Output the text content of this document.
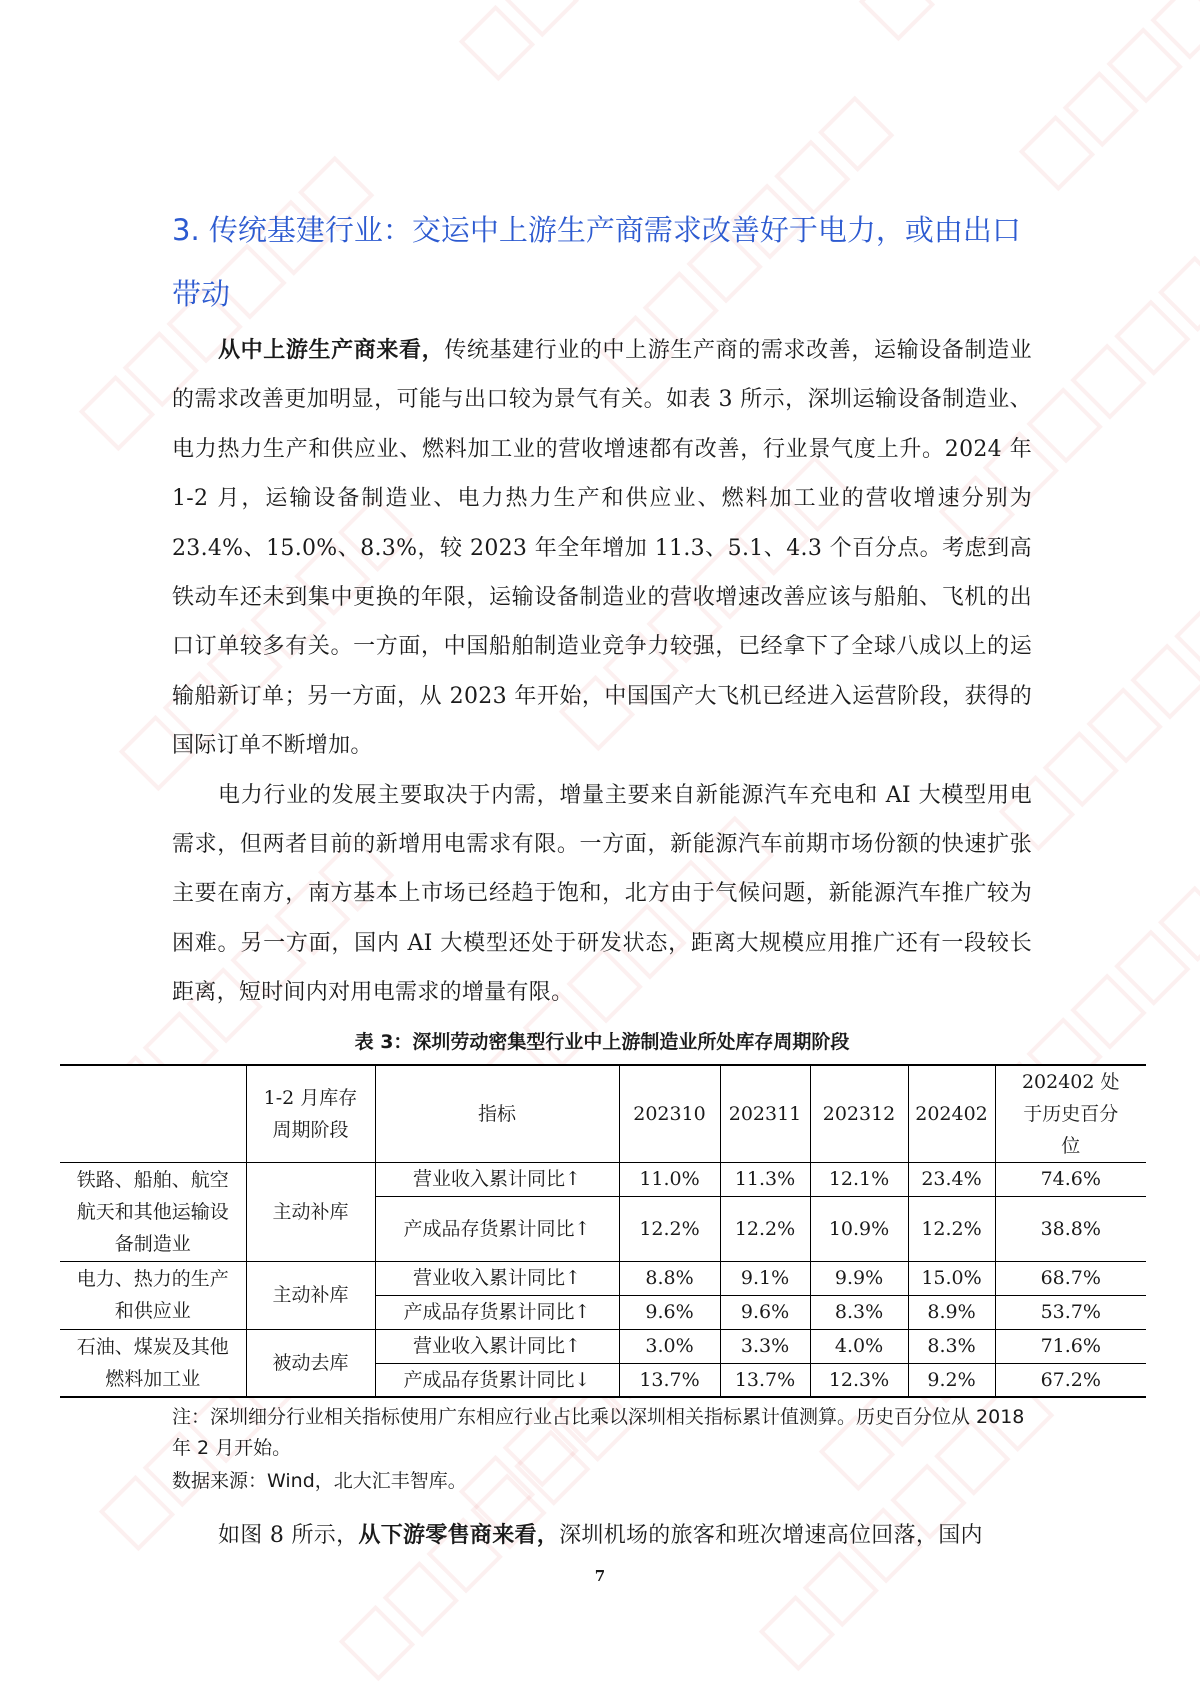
3. 传统基建行业：交运中上游生产商需求改善好于电力，或由出口带动
从中上游生产商来看，传统基建行业的中上游生产商的需求改善，运输设备制造业的需求改善更加明显，可能与出口较为景气有关。如表 3 所示，深圳运输设备制造业、电力热力生产和供应业、燃料加工业的营收增速都有改善，行业景气度上升。2024 年 1-2 月，运输设备制造业、电力热力生产和供应业、燃料加工业的营收增速分别为 23.4%、15.0%、8.3%，较 2023 年全年增加 11.3、5.1、4.3 个百分点。考虑到高铁动车还未到集中更换的年限，运输设备制造业的营收增速改善应该与船舶、飞机的出口订单较多有关。一方面，中国船舶制造业竞争力较强，已经拿下了全球八成以上的运输船新订单；另一方面，从 2023 年开始，中国国产大飞机已经进入运营阶段，获得的国际订单不断增加。
电力行业的发展主要取决于内需，增量主要来自新能源汽车充电和 AI 大模型用电需求，但两者目前的新增用电需求有限。一方面，新能源汽车前期市场份额的快速扩张主要在南方，南方基本上市场已经趋于饱和，北方由于气候问题，新能源汽车推广较为困难。另一方面，国内 AI 大模型还处于研发状态，距离大规模应用推广还有一段较长距离，短时间内对用电需求的增量有限。
表 3：深圳劳动密集型行业中上游制造业所处库存周期阶段
	1-2 月库存周期阶段	指标	202310	202311	202312	202402	202402 处于历史百分位
铁路、船舶、航空航天和其他运输设备制造业	主动补库	营业收入累计同比↑	11.0%	11.3%	12.1%	23.4%	74.6%
		产成品存货累计同比↑	12.2%	12.2%	10.9%	12.2%	38.8%
电力、热力的生产和供应业	主动补库	营业收入累计同比↑	8.8%	9.1%	9.9%	15.0%	68.7%
		产成品存货累计同比↑	9.6%	9.6%	8.3%	8.9%	53.7%
石油、煤炭及其他燃料加工业	被动去库	营业收入累计同比↑	3.0%	3.3%	4.0%	8.3%	71.6%
		产成品存货累计同比↓	13.7%	13.7%	12.3%	9.2%	67.2%
注：深圳细分行业相关指标使用广东相应行业占比乘以深圳相关指标累计值测算。历史百分位从 2018 年 2 月开始。
数据来源：Wind，北大汇丰智库。
如图 8 所示，从下游零售商来看，深圳机场的旅客和班次增速高位回落，国内
7
